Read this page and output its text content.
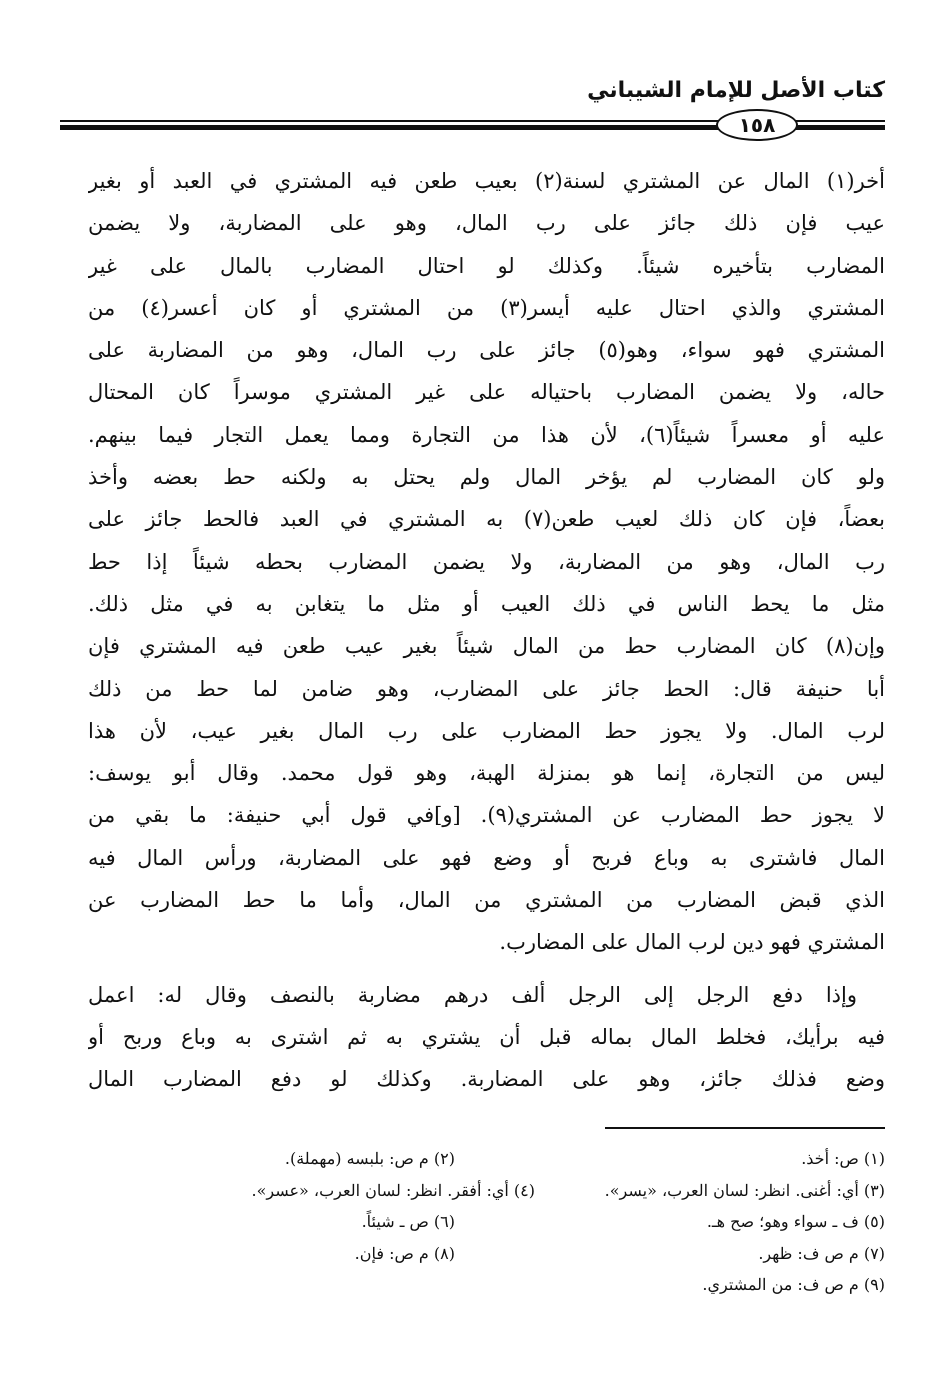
كتاب الأصل للإمام الشيباني
١٥٨
أخر(١) المال عن المشتري لسنة(٢) بعيب طعن فيه المشتري في العبد أو بغير
عيب فإن ذلك جائز على رب المال، وهو على المضاربة، ولا يضمن
المضارب بتأخيره شيئاً. وكذلك لو احتال المضارب بالمال على غير
المشتري والذي احتال عليه أيسر(٣) من المشتري أو كان أعسر(٤) من
المشتري فهو سواء، وهو(٥) جائز على رب المال، وهو من المضاربة على
حاله، ولا يضمن المضارب باحتياله على غير المشتري موسراً كان المحتال
عليه أو معسراً شيئاً(٦)، لأن هذا من التجارة ومما يعمل التجار فيما بينهم.
ولو كان المضارب لم يؤخر المال ولم يحتل به ولكنه حط بعضه وأخذ
بعضاً، فإن كان ذلك لعيب طعن(٧) به المشتري في العبد فالحط جائز على
رب المال، وهو من المضاربة، ولا يضمن المضارب بحطه شيئاً إذا حط
مثل ما يحط الناس في ذلك العيب أو مثل ما يتغابن به في مثل ذلك.
وإن(٨) كان المضارب حط من المال شيئاً بغير عيب طعن فيه المشتري فإن
أبا حنيفة قال: الحط جائز على المضارب، وهو ضامن لما حط من ذلك
لرب المال. ولا يجوز حط المضارب على رب المال بغير عيب، لأن هذا
ليس من التجارة، إنما هو بمنزلة الهبة، وهو قول محمد. وقال أبو يوسف:
لا يجوز حط المضارب عن المشتري(٩). [و]في قول أبي حنيفة: ما بقي من
المال فاشترى به وباع فربح أو وضع فهو على المضاربة، ورأس المال فيه
الذي قبض المضارب من المشتري من المال، وأما ما حط المضارب عن
المشتري فهو دين لرب المال على المضارب.
وإذا دفع الرجل إلى الرجل ألف درهم مضاربة بالنصف وقال له: اعمل
فيه برأيك، فخلط المال بماله قبل أن يشتري به ثم اشترى به وباع وربح أو
وضع فذلك جائز، وهو على المضاربة. وكذلك لو دفع المضارب المال
(١) ص: أخذ.
(٢) م ص: بلبسه (مهملة).
(٣) أي: أغنى. انظر: لسان العرب، «يسر».
(٤) أي: أفقر. انظر: لسان العرب، «عسر».
(٥) ف ـ سواء وهو؛ صح هـ.
(٦) ص ـ شيئاً.
(٧) م ص ف: ظهر.
(٨) م ص: فإن.
(٩) م ص ف: من المشتري.
